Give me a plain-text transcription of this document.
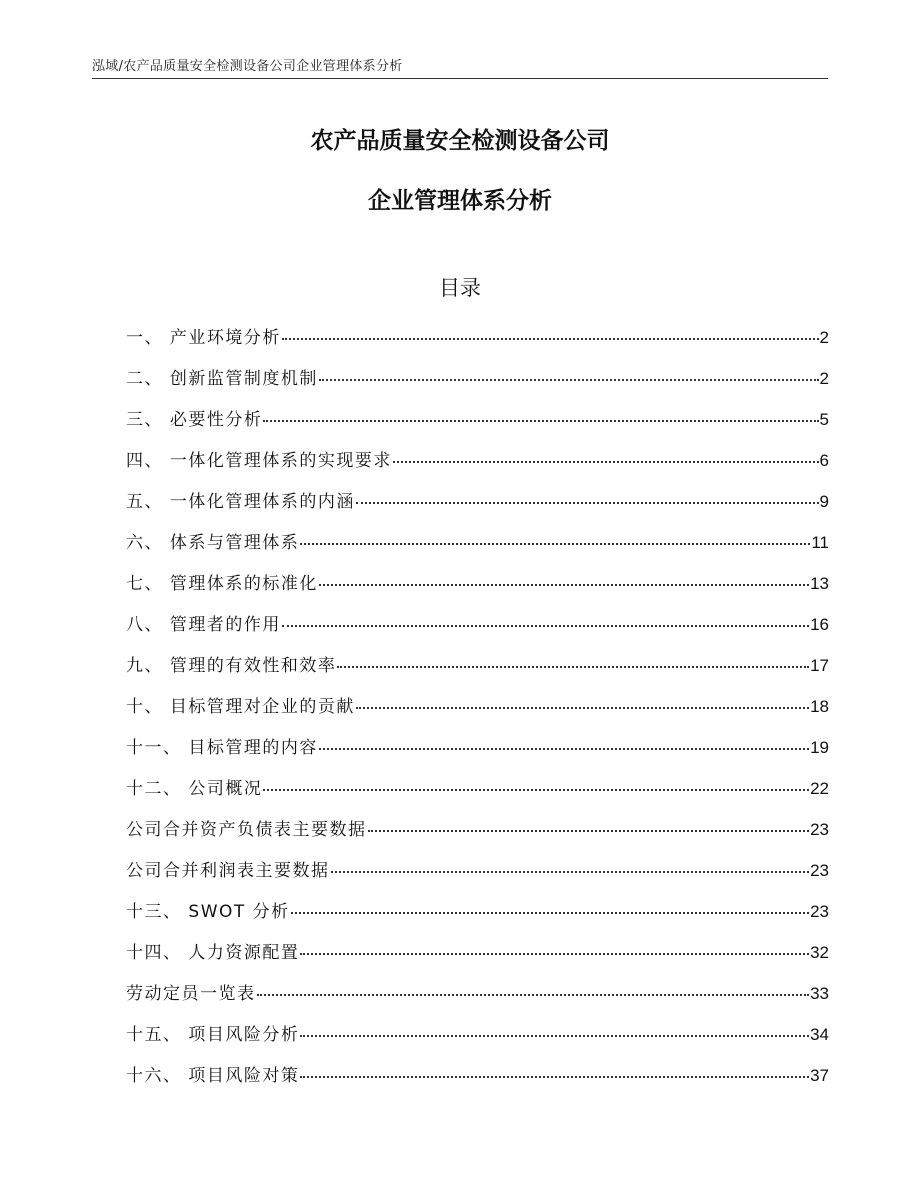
泓域/农产品质量安全检测设备公司企业管理体系分析
农产品质量安全检测设备公司
企业管理体系分析
目录
一、 产业环境分析	2
二、 创新监管制度机制	2
三、 必要性分析	5
四、 一体化管理体系的实现要求	6
五、 一体化管理体系的内涵	9
六、 体系与管理体系	11
七、 管理体系的标准化	13
八、 管理者的作用	16
九、 管理的有效性和效率	17
十、 目标管理对企业的贡献	18
十一、 目标管理的内容	19
十二、 公司概况	22
公司合并资产负债表主要数据	23
公司合并利润表主要数据	23
十三、 SWOT 分析	23
十四、 人力资源配置	32
劳动定员一览表	33
十五、 项目风险分析	34
十六、 项目风险对策	37
